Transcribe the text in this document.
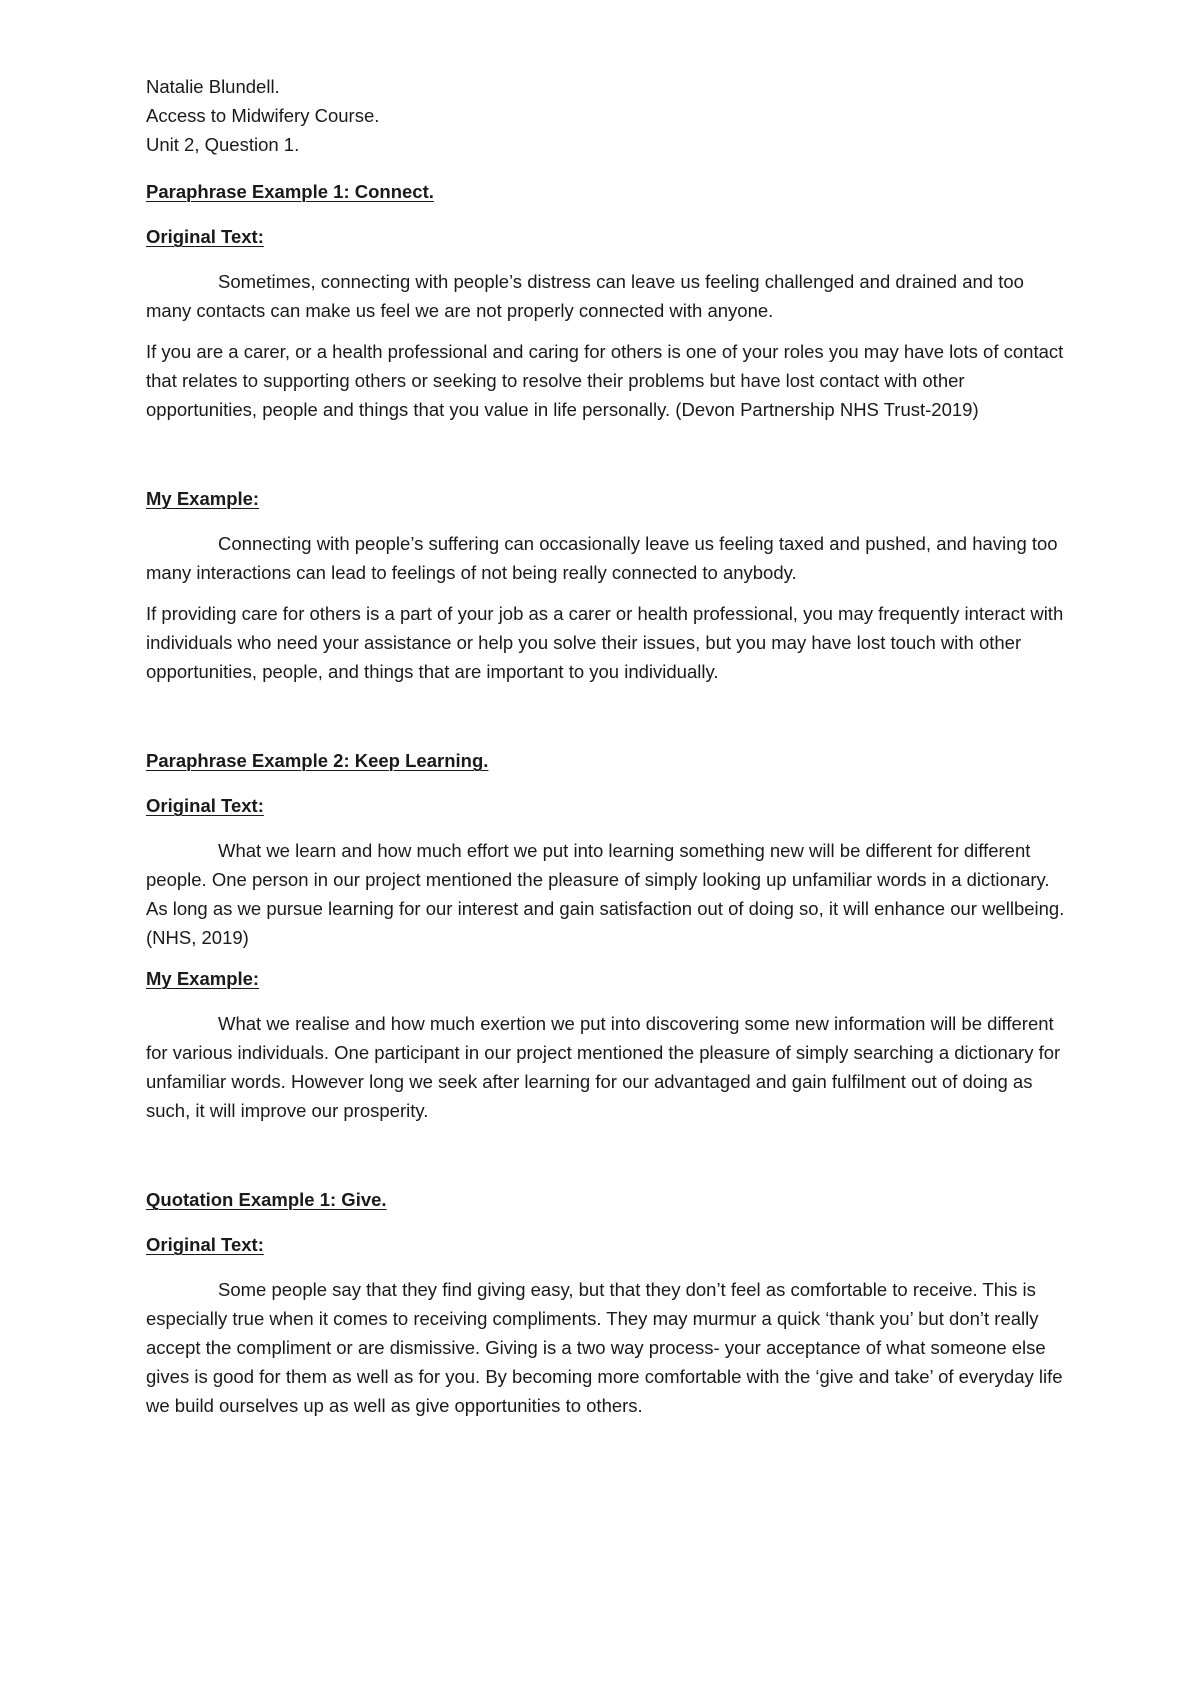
Natalie Blundell.

Access to Midwifery Course.

Unit 2, Question 1.

Paraphrase Example 1: Connect.

Original Text:

Sometimes, connecting with people’s distress can leave us feeling challenged and drained and too many contacts can make us feel we are not properly connected with anyone.

If you are a carer, or a health professional and caring for others is one of your roles you may have lots of contact that relates to supporting others or seeking to resolve their problems but have lost contact with other opportunities, people and things that you value in life personally. (Devon Partnership NHS Trust-2019)

My Example:

Connecting with people’s suffering can occasionally leave us feeling taxed and pushed, and having too many interactions can lead to feelings of not being really connected to anybody.

If providing care for others is a part of your job as a carer or health professional, you may frequently interact with individuals who need your assistance or help you solve their issues, but you may have lost touch with other opportunities, people, and things that are important to you individually.

Paraphrase Example 2: Keep Learning.

Original Text:

What we learn and how much effort we put into learning something new will be different for different people. One person in our project mentioned the pleasure of simply looking up unfamiliar words in a dictionary. As long as we pursue learning for our interest and gain satisfaction out of doing so, it will enhance our wellbeing. (NHS, 2019)

My Example:

What we realise and how much exertion we put into discovering some new information will be different for various individuals. One participant in our project mentioned the pleasure of simply searching a dictionary for unfamiliar words. However long we seek after learning for our advantaged and gain fulfilment out of doing as such, it will improve our prosperity.

Quotation Example 1: Give.

Original Text:

Some people say that they find giving easy, but that they don’t feel as comfortable to receive. This is especially true when it comes to receiving compliments. They may murmur a quick ‘thank you’ but don’t really accept the compliment or are dismissive. Giving is a two way process- your acceptance of what someone else gives is good for them as well as for you. By becoming more comfortable with the ‘give and take’ of everyday life we build ourselves up as well as give opportunities to others.
